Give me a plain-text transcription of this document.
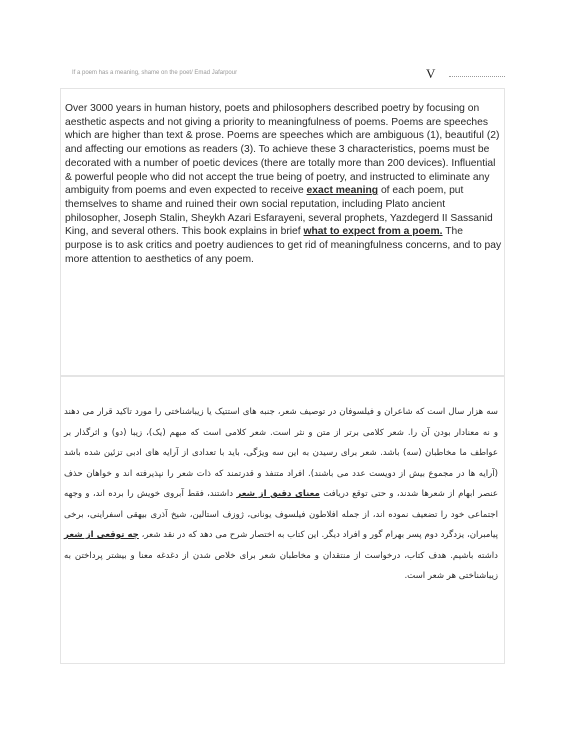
If a poem has a meaning, shame on the poet/ Emad Jafarpour	V

Over 3000 years in human history, poets and philosophers described poetry by focusing on aesthetic aspects and not giving a priority to meaningfulness of poems. Poems are speeches which are higher than text & prose. Poems are speeches which are ambiguous (1), beautiful (2) and affecting our emotions as readers (3). To achieve these 3 characteristics, poems must be decorated with a number of poetic devices (there are totally more than 200 devices). Influential & powerful people who did not accept the true being of poetry, and instructed to eliminate any ambiguity from poems and even expected to receive exact meaning of each poem, put themselves to shame and ruined their own social reputation, including Plato ancient philosopher, Joseph Stalin, Sheykh Azari Esfarayeni, several prophets, Yazdegerd II Sassanid King, and several others. This book explains in brief what to expect from a poem. The purpose is to ask critics and poetry audiences to get rid of meaningfulness concerns, and to pay more attention to aesthetics of any poem.

سه هزار سال است که شاعران و فیلسوفان در توصیف شعر، جنبه های استتیک یا زیباشناختی را مورد تاکید قرار می دهند و نه معنادار بودن آن را. شعر کلامی برتر از متن و نثر است. شعر کلامی است که مبهم (یک)، زیبا (دو) و اثرگذار بر عواطف ما مخاطبان (سه) باشد. شعر برای رسیدن به این سه ویژگی، باید با تعدادی از آرایه های ادبی تزئین شده باشد (آرایه ها در مجموع بیش از دویست عدد می باشند). افراد متنفذ و قدرتمند که ذات شعر را نپذیرفته اند و خواهان حذف عنصر ابهام از شعرها شدند، و حتی توقع دریافت معنای دقیق از شعر داشتند، فقط آبروی خویش را برده اند، و وجهه اجتماعی خود را تضعیف نموده اند، از جمله افلاطون فیلسوف یونانی، ژوزف استالین، شیخ آذری بیهقی اسفراینی، برخی پیامبران، یزدگرد دوم پسر بهرام گور و افراد دیگر. این کتاب به اختصار شرح می دهد که در نقد شعر، چه توقعی از شعر داشته باشیم. هدف کتاب، درخواست از منتقدان و مخاطبان شعر برای خلاص شدن از دغدغه معنا و بیشتر پرداختن به زیباشناختی هر شعر است.
